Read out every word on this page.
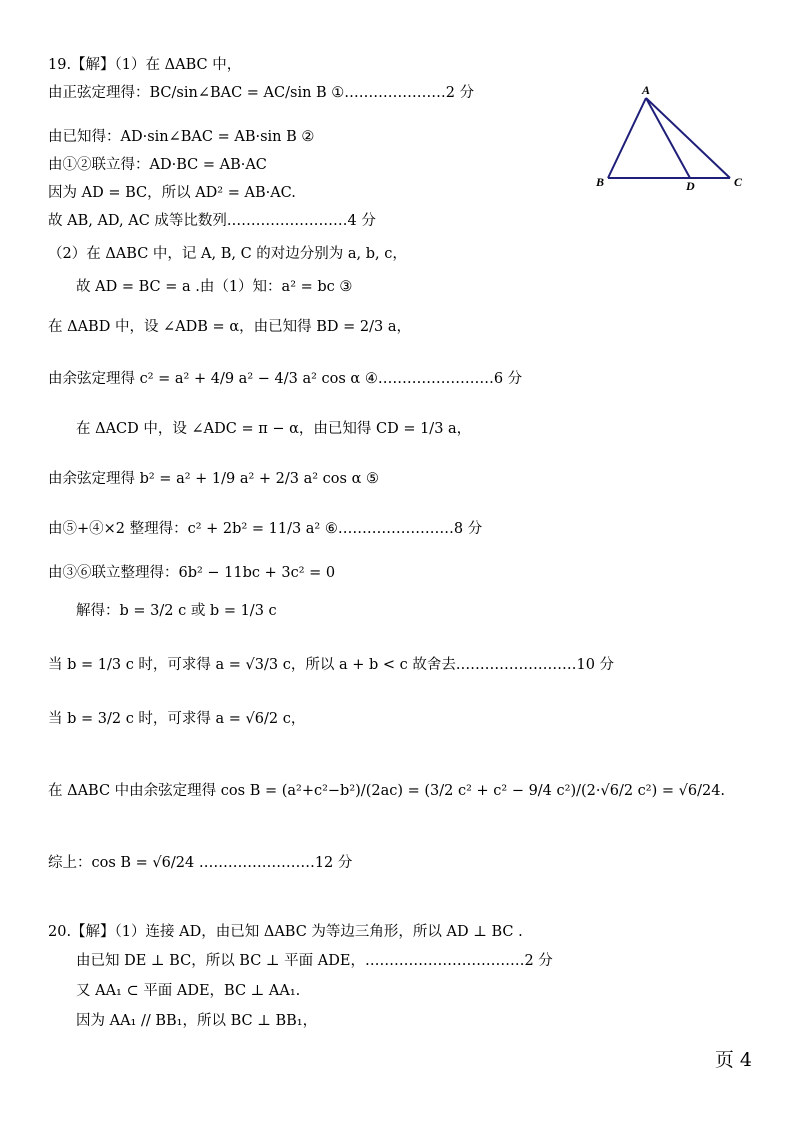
A
B	D	C
19.【解】（1）在 ΔABC 中，
由正弦定理得：BC/sin∠BAC = AC/sin B ①…………………2 分
由已知得：AD·sin∠BAC = AB·sin B ②
由①②联立得：AD·BC = AB·AC
因为 AD = BC，所以 AD² = AB·AC.
故 AB, AD, AC 成等比数列.……………………4 分
（2）在 ΔABC 中，记 A, B, C 的对边分别为 a, b, c，
故 AD = BC = a .由（1）知：a² = bc ③
在 ΔABD 中，设 ∠ADB = α，由已知得 BD = 2/3 a，
由余弦定理得 c² = a² + 4/9 a² − 4/3 a² cos α ④……………………6 分
在 ΔACD 中，设 ∠ADC = π − α，由已知得 CD = 1/3 a，
由余弦定理得 b² = a² + 1/9 a² + 2/3 a² cos α ⑤
由⑤+④×2 整理得：c² + 2b² = 11/3 a² ⑥……………………8 分
由③⑥联立整理得：6b² − 11bc + 3c² = 0
解得：b = 3/2 c 或 b = 1/3 c
当 b = 1/3 c 时，可求得 a = √3/3 c，所以 a + b < c 故舍去.……………………10 分
当 b = 3/2 c 时，可求得 a = √6/2 c，
在 ΔABC 中由余弦定理得 cos B = (a²+c²−b²)/(2ac) = (3/2 c² + c² − 9/4 c²)/(2·√6/2 c²) = √6/24.
综上：cos B = √6/24 ……………………12 分
20.【解】（1）连接 AD，由已知 ΔABC 为等边三角形，所以 AD ⊥ BC .
由已知 DE ⊥ BC，所以 BC ⊥ 平面 ADE，……………………………2 分
又 AA₁ ⊂ 平面 ADE，BC ⊥ AA₁.
因为 AA₁ // BB₁，所以 BC ⊥ BB₁，
页 4
